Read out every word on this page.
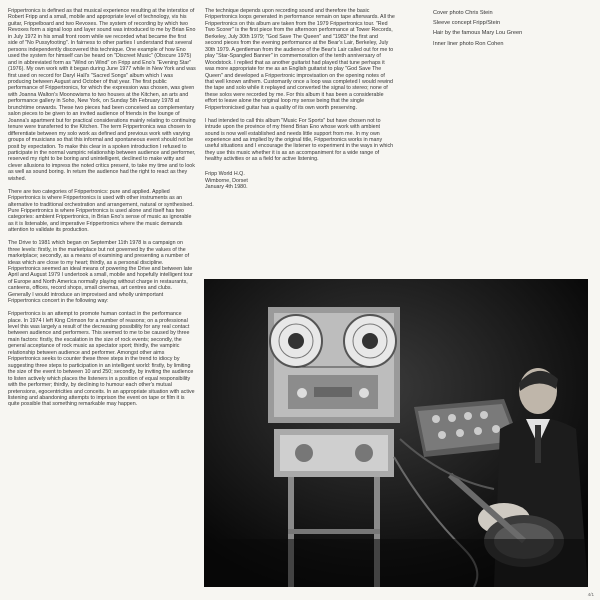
Frippertronics is defined as that musical experience resulting at the interstice of Robert Fripp and a small, mobile and appropriate level of technology, vis his guitar, Frippelboard and two Revoxes. The system of recording by which two Revoxes form a signal loop and layer sound was introduced to me by Brian Eno in July 1972 in his small front room while we recorded what became the first side of "No Pussyfooting". In fairness to other parties I understand that several persons independently discovered this technique. One example of how Eno used the system for himself can be heard on "Discreet Music" (Obscure 1975) and in abbreviated form as "Wind on Wind" on Fripp and Eno's "Evening Star" (1976). My own work with it began during June 1977 while in New York and was first used on record for Daryl Hall's "Sacred Songs" album which I was producing between August and October of that year. The first public performance of Frippertronics, for which the expression was chosen, was given with Joanna Walton's Moonowisms to two houses at the Kitchen, an arts and performance gallery in Soho, New York, on Sunday 5th February 1978 at brunchtime onwards. These two pieces had been conceived as complementary salon pieces to be given to an invited audience of friends in the lounge of Joanna's apartment but for practical considerations mainly relating to continuing tenure were transferred to the Kitchen. The term Frippertronics was chosen to differentiate between my solo work as defined and previous work with varying groups of musicians so that this informal and spontaneous event should not be posit by expectation. To make this clear in a spoken introduction I refused to participate in the normal vampiric relationship between audience and performer, reserved my right to be boring and unintelligent, declined to make witty and clever allusions to impress the noted critics present, to take my time and to look as well as sound boring. In return the audience had the right to react as they wished.

There are two categories of Frippertronics: pure and applied. Applied Frippertronics is where Frippertronics is used with other instruments as an alternative to traditional orchestration and arrangement, natural or synthesised. Pure Frippertronics is where Frippertronics is used alone and itself has two categories: ambient Frippertronics, in Brian Eno's sense of music as ignorable as it is listenable, and imperative Frippertronics where the music demands attention to validate its production.

The Drive to 1981 which began on September 11th 1978 is a campaign on three levels: firstly, in the marketplace but not governed by the values of the marketplace; secondly, as a means of examining and presenting a number of ideas which are close to my heart; thirdly, as a personal discipline. Frippertronics seemed an ideal means of powering the Drive and between late April and August 1979 I undertook a small, mobile and hopefully intelligent tour of Europe and North America normally playing without charge in restaurants, canteens, offices, record shops, small cinemas, art centres and clubs. Generally I would introduce an improvised and wholly unimportant Frippertronics concert in the following way:

Frippertronics is an attempt to promote human contact in the performance place. In 1974 I left King Crimson for a number of reasons; on a professional level this was largely a result of the decreasing possibility for any real contact between audience and performers. This seemed to me to be caused by three main factors: firstly, the escalation in the size of rock events; secondly, the general acceptance of rock music as spectator sport; thirdly, the vampiric relationship between audience and performer. Amongst other aims Frippertronics seeks to counter these three steps in the trend to idiocy by suggesting three steps to participation in an intelligent world: firstly, by limiting the size of the event to between 10 and 250; secondly, by inviting the audience to listen actively which places the listeners in a position of equal responsibility with the performer; thirdly, by declining to humour each other's mutual pretensions, egocentricities and conceits. In an appropriate situation with active listening and abandoning attempts to imprison the event on tape or film it is quite possible that something remarkable may happen.

The technique depends upon recording sound and therefore the basic Frippertronics loops generated in performance remain on tape afterwards. All the Frippertronics on this album are taken from the 1979 Frippertronics tour. "Red Two Scorer" is the first piece from the afternoon performance at Tower Records, Berkeley, July 30th 1979; "God Save The Queen" and "1983" the first and second pieces from the evening performance at the Bear's Lair, Berkeley, July 30th 1979. A gentleman from the audience of the Bear's Lair called out for me to play "Star-Spangled Banner" in commemoration of the tenth anniversary of Woodstock. I replied that as another guitarist had played that tune perhaps it was more appropriate for me as an English guitarist to play "God Save The Queen" and developed a Frippertronic improvisation on the opening notes of that well known anthem. Customarily once a loop was completed I would rewind the tape and solo while it replayed and converted the signal to stereo; none of these solos were recorded by me. For this album it has been a considerable effort to leave alone the original loop my sense being that the single Frippertronicised guitar has a quality of its own worth preserving.

I had intended to call this album "Music For Sports" but have chosen not to intrude upon the province of my friend Brian Eno whose work with ambient sound is now well established and needs little support from me. In my own experience and as implied by the original title, Frippertronics works in many useful situations and I encourage the listener to experiment in the ways in which they use this music whether it is as an accompaniment for a wide range of healthy activities or as a field for active listening.

Fripp World H.Q.
Wimborne, Dorset
January 4th 1980.
Cover photo Chris Stein
Sleeve concept Fripp/Stein
Hair by the famous Mary Lou Green
Inner liner photo Ron Cohen
4/1
